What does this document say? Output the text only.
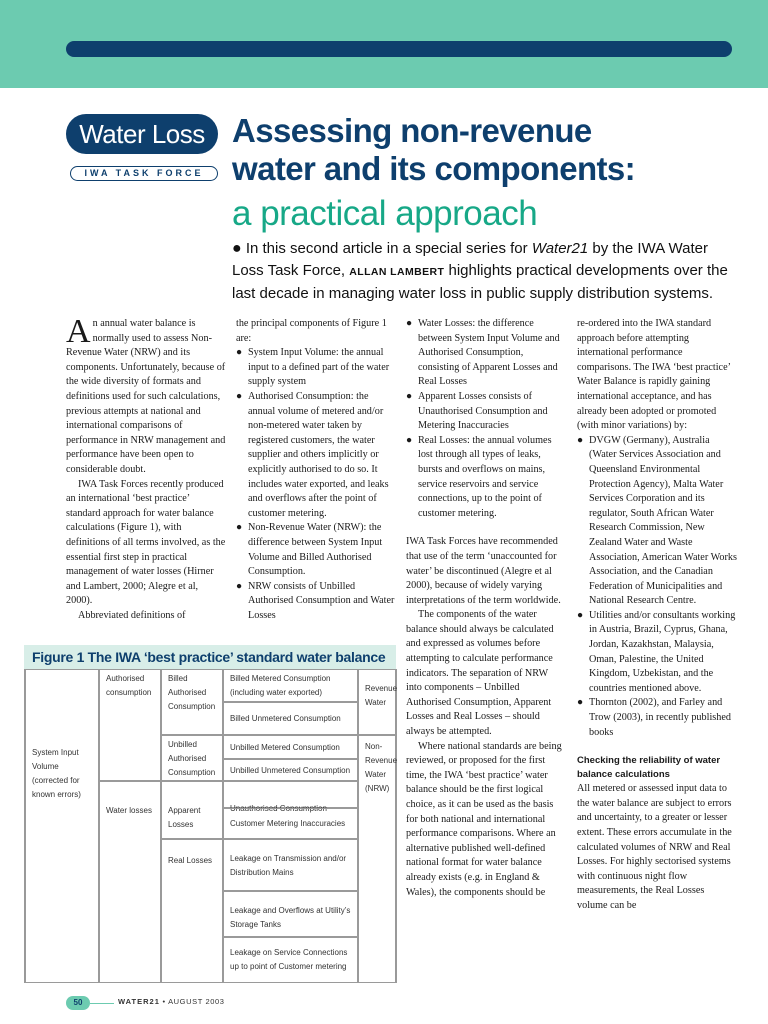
Water Loss
IWA TASK FORCE
Assessing non-revenue
water and its components:
a practical approach
● In this second article in a special series for Water21 by the IWA Water Loss Task Force, ALLAN LAMBERT highlights practical developments over the last decade in managing water loss in public supply distribution systems.

An annual water balance is normally used to assess Non-Revenue Water (NRW) and its components. Unfortunately, because of the wide diversity of formats and definitions used for such calculations, previous attempts at national and international comparisons of performance in NRW management and performance have been open to considerable doubt.

IWA Task Forces recently produced an international ‘best practice’ standard approach for water balance calculations (Figure 1), with definitions of all terms involved, as the essential first step in practical management of water losses (Hirner and Lambert, 2000; Alegre et al, 2000).

Abbreviated definitions of

the principal components of Figure 1 are:

● System Input Volume: the annual input to a defined part of the water supply system

● Authorised Consumption: the annual volume of metered and/or non-metered water taken by registered customers, the water supplier and others implicitly or explicitly authorised to do so. It includes water exported, and leaks and overflows after the point of customer metering.

● Non-Revenue Water (NRW): the difference between System Input Volume and Billed Authorised Consumption.

● NRW consists of Unbilled Authorised Consumption and Water Losses

● Water Losses: the difference between System Input Volume and Authorised Consumption, consisting of Apparent Losses and Real Losses

● Apparent Losses consists of Unauthorised Consumption and Metering Inaccuracies

● Real Losses: the annual volumes lost through all types of leaks, bursts and overflows on mains, service reservoirs and service connections, up to the point of customer metering.

IWA Task Forces have recommended that use of the term ‘unaccounted for water’ be discontinued (Alegre et al 2000), because of widely varying interpretations of the term worldwide.

The components of the water balance should always be calculated and expressed as volumes before attempting to calculate performance indicators. The separation of NRW into components – Unbilled Authorised Consumption, Apparent Losses and Real Losses – should always be attempted.

Where national standards are being reviewed, or proposed for the first time, the IWA ‘best practice’ water balance should be the first logical choice, as it can be used as the basis for both national and international performance comparisons. Where an alternative published well-defined national format for water balance already exists (e.g. in England & Wales), the components should be

re-ordered into the IWA standard approach before attempting international performance comparisons. The IWA ‘best practice’ Water Balance is rapidly gaining international acceptance, and has already been adopted or promoted (with minor variations) by:

● DVGW (Germany), Australia (Water Services Association and Queensland Environmental Protection Agency), Malta Water Services Corporation and its regulator, South African Water Research Commission, New Zealand Water and Waste Association, American Water Works Association, and the Canadian Federation of Municipalities and National Research Centre.

● Utilities and/or consultants working in Austria, Brazil, Cyprus, Ghana, Jordan, Kazakhstan, Malaysia, Oman, Palestine, the United Kingdom, Uzbekistan, and the countries mentioned above.

● Thornton (2002), and Farley and Trow (2003), in recently published books

Checking the reliability of water balance calculations

All metered or assessed input data to the water balance are subject to errors and uncertainty, to a greater or lesser extent. These errors accumulate in the calculated volumes of NRW and Real Losses. For highly sectorised systems with continuous night flow measurements, the Real Losses volume can be

Figure 1 The IWA ‘best practice’ standard water balance
System Input Volume (corrected for known errors)
Authorised consumption
Water losses
Billed Authorised Consumption
Unbilled Authorised Consumption
Apparent Losses
Real Losses
Billed Metered Consumption (including water exported)
Billed Unmetered Consumption
Unbilled Metered Consumption
Unbilled Unmetered Consumption
Unauthorised Consumption
Customer Metering Inaccuracies
Leakage on Transmission and/or Distribution Mains
Leakage and Overflows at Utility’s Storage Tanks
Leakage on Service Connections up to point of Customer metering
Revenue Water
Non-Revenue Water (NRW)
50	WATER21 • AUGUST 2003
